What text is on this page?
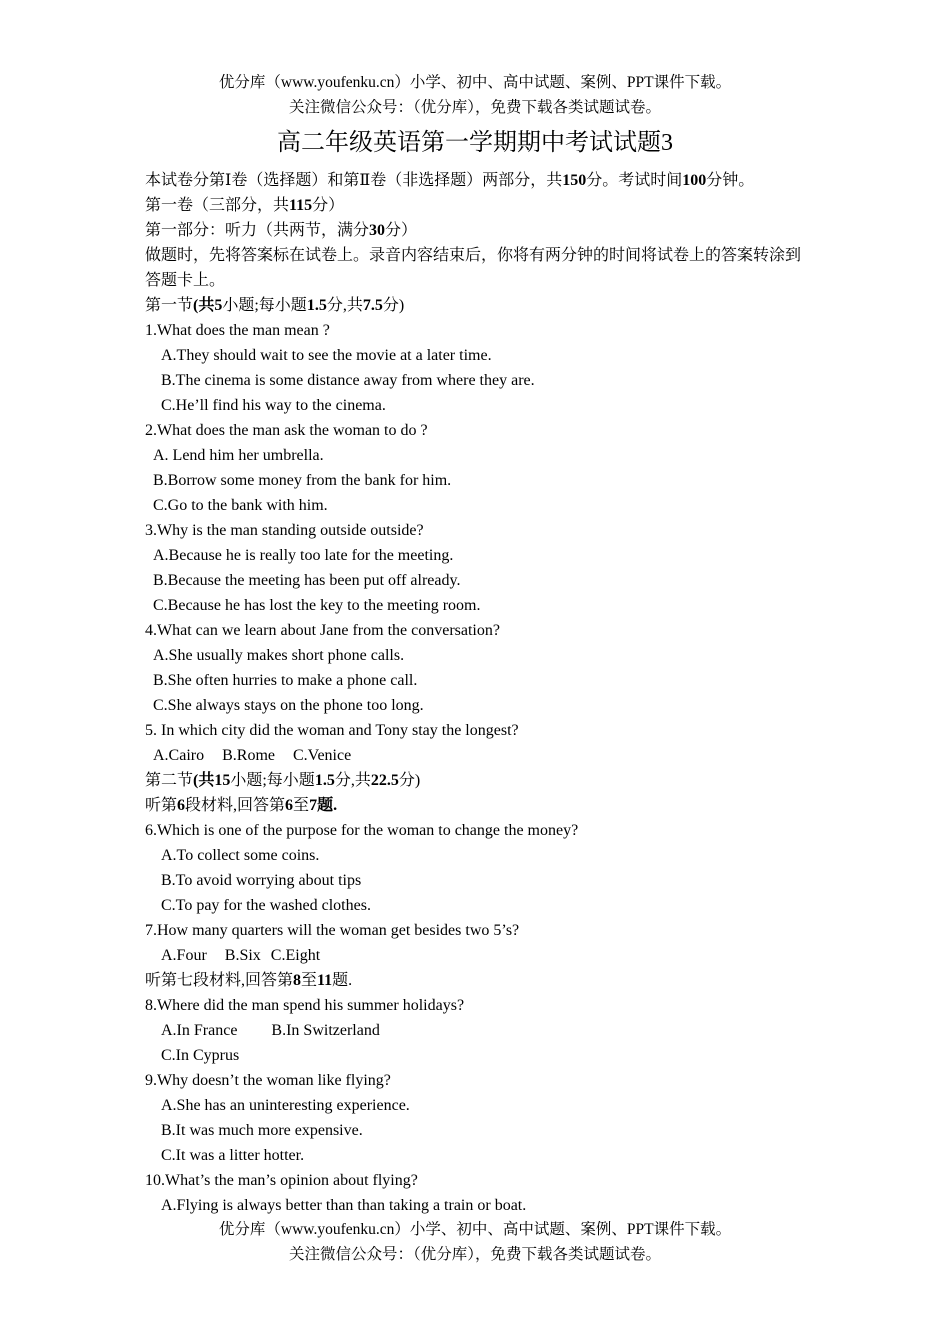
优分库（www.youfenku.cn）小学、初中、高中试题、案例、PPT课件下载。
关注微信公众号：（优分库），免费下载各类试题试卷。
高二年级英语第一学期期中考试试题3
本试卷分第Ⅰ卷（选择题）和第Ⅱ卷（非选择题）两部分，共150分。考试时间100分钟。
第一卷（三部分，共115分）
第一部分：听力（共两节，满分30分）
做题时，先将答案标在试卷上。录音内容结束后，你将有两分钟的时间将试卷上的答案转涂到答题卡上。
第一节(共5小题;每小题1.5分,共7.5分)
1.What does the man mean ?
A.They should wait to see the movie at a later time.
B.The cinema is some distance away from where they are.
C.He’ll find his way to the cinema.
2.What does the man ask the woman to do ?
A. Lend him her umbrella.
B.Borrow some money from the bank for him.
C.Go to the bank with him.
3.Why is the man standing outside outside?
A.Because he is really too late for the meeting.
B.Because the meeting has been put off already.
C.Because he has lost the key to the meeting room.
4.What can we learn about Jane from the conversation?
A.She usually makes short phone calls.
B.She often hurries to make a phone call.
C.She always stays on the phone too long.
5. In which city did the woman and Tony stay the longest?
A.Cairo B.Rome C.Venice
第二节(共15小题;每小题1.5分,共22.5分)
听第6段材料,回答第6至7题.
6.Which is one of the purpose for the woman to change the money?
A.To collect some coins.
B.To avoid worrying about tips
C.To pay for the washed clothes.
7.How many quarters will the woman get besides two 5’s?
A.Four B.Six C.Eight
听第七段材料,回答第8至11题.
8.Where did the man spend his summer holidays?
A.In France B.In Switzerland
C.In Cyprus
9.Why doesn’t the woman like flying?
A.She has an uninteresting experience.
B.It was much more expensive.
C.It was a litter hotter.
10.What’s the man’s opinion about flying?
A.Flying is always better than than taking a train or boat.
优分库（www.youfenku.cn）小学、初中、高中试题、案例、PPT课件下载。
关注微信公众号：（优分库），免费下载各类试题试卷。
